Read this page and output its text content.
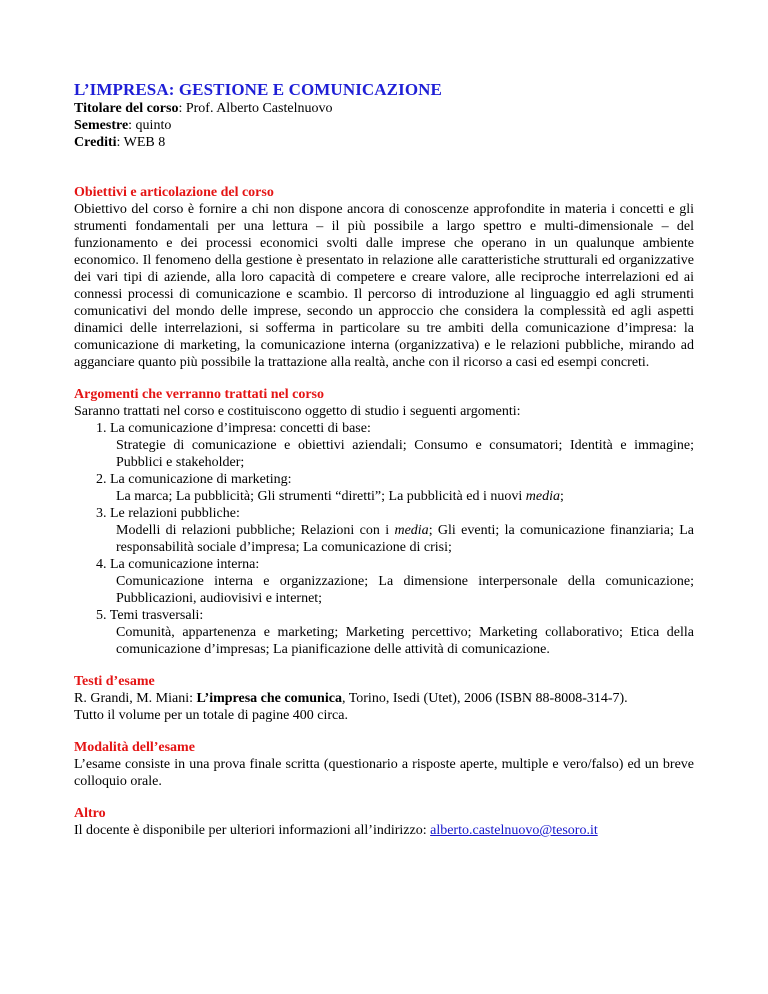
L’IMPRESA: GESTIONE E COMUNICAZIONE
Titolare del corso: Prof. Alberto Castelnuovo
Semestre: quinto
Crediti: WEB 8
Obiettivi e articolazione del corso

Obiettivo del corso è fornire a chi non dispone ancora di conoscenze approfondite in materia i concetti e gli strumenti fondamentali per una lettura – il più possibile a largo spettro e multi-dimensionale – del funzionamento e dei processi economici svolti dalle imprese che operano in un qualunque ambiente economico. Il fenomeno della gestione è presentato in relazione alle caratteristiche strutturali ed organizzative dei vari tipi di aziende, alla loro capacità di competere e creare valore, alle reciproche interrelazioni ed ai connessi processi di comunicazione e scambio. Il percorso di introduzione al linguaggio ed agli strumenti comunicativi del mondo delle imprese, secondo un approccio che considera la complessità ed agli aspetti dinamici delle interrelazioni, si sofferma in particolare su tre ambiti della comunicazione d’impresa: la comunicazione di marketing, la comunicazione interna (organizzativa) e le relazioni pubbliche, mirando ad agganciare quanto più possibile la trattazione alla realtà, anche con il ricorso a casi ed esempi concreti.

Argomenti che verranno trattati nel corso

Saranno trattati nel corso e costituiscono oggetto di studio i seguenti argomenti:

1. La comunicazione d’impresa: concetti di base:
Strategie di comunicazione e obiettivi aziendali; Consumo e consumatori; Identità e immagine; Pubblici e stakeholder;
2. La comunicazione di marketing:
La marca; La pubblicità; Gli strumenti “diretti”; La pubblicità ed i nuovi media;
3. Le relazioni pubbliche:
Modelli di relazioni pubbliche; Relazioni con i media; Gli eventi; la comunicazione finanziaria; La responsabilità sociale d’impresa; La comunicazione di crisi;
4. La comunicazione interna:
Comunicazione interna e organizzazione; La dimensione interpersonale della comunicazione; Pubblicazioni, audiovisivi e internet;
5. Temi trasversali:
Comunità, appartenenza e marketing; Marketing percettivo; Marketing collaborativo; Etica della comunicazione d’impresas; La pianificazione delle attività di comunicazione.
Testi d’esame

R. Grandi, M. Miani: L’impresa che comunica, Torino, Isedi (Utet), 2006 (ISBN 88-8008-314-7).

Tutto il volume per un totale di pagine 400 circa.

Modalità dell’esame

L’esame consiste in una prova finale scritta (questionario a risposte aperte, multiple e vero/falso) ed un breve colloquio orale.

Altro

Il docente è disponibile per ulteriori informazioni all’indirizzo: alberto.castelnuovo@tesoro.it
